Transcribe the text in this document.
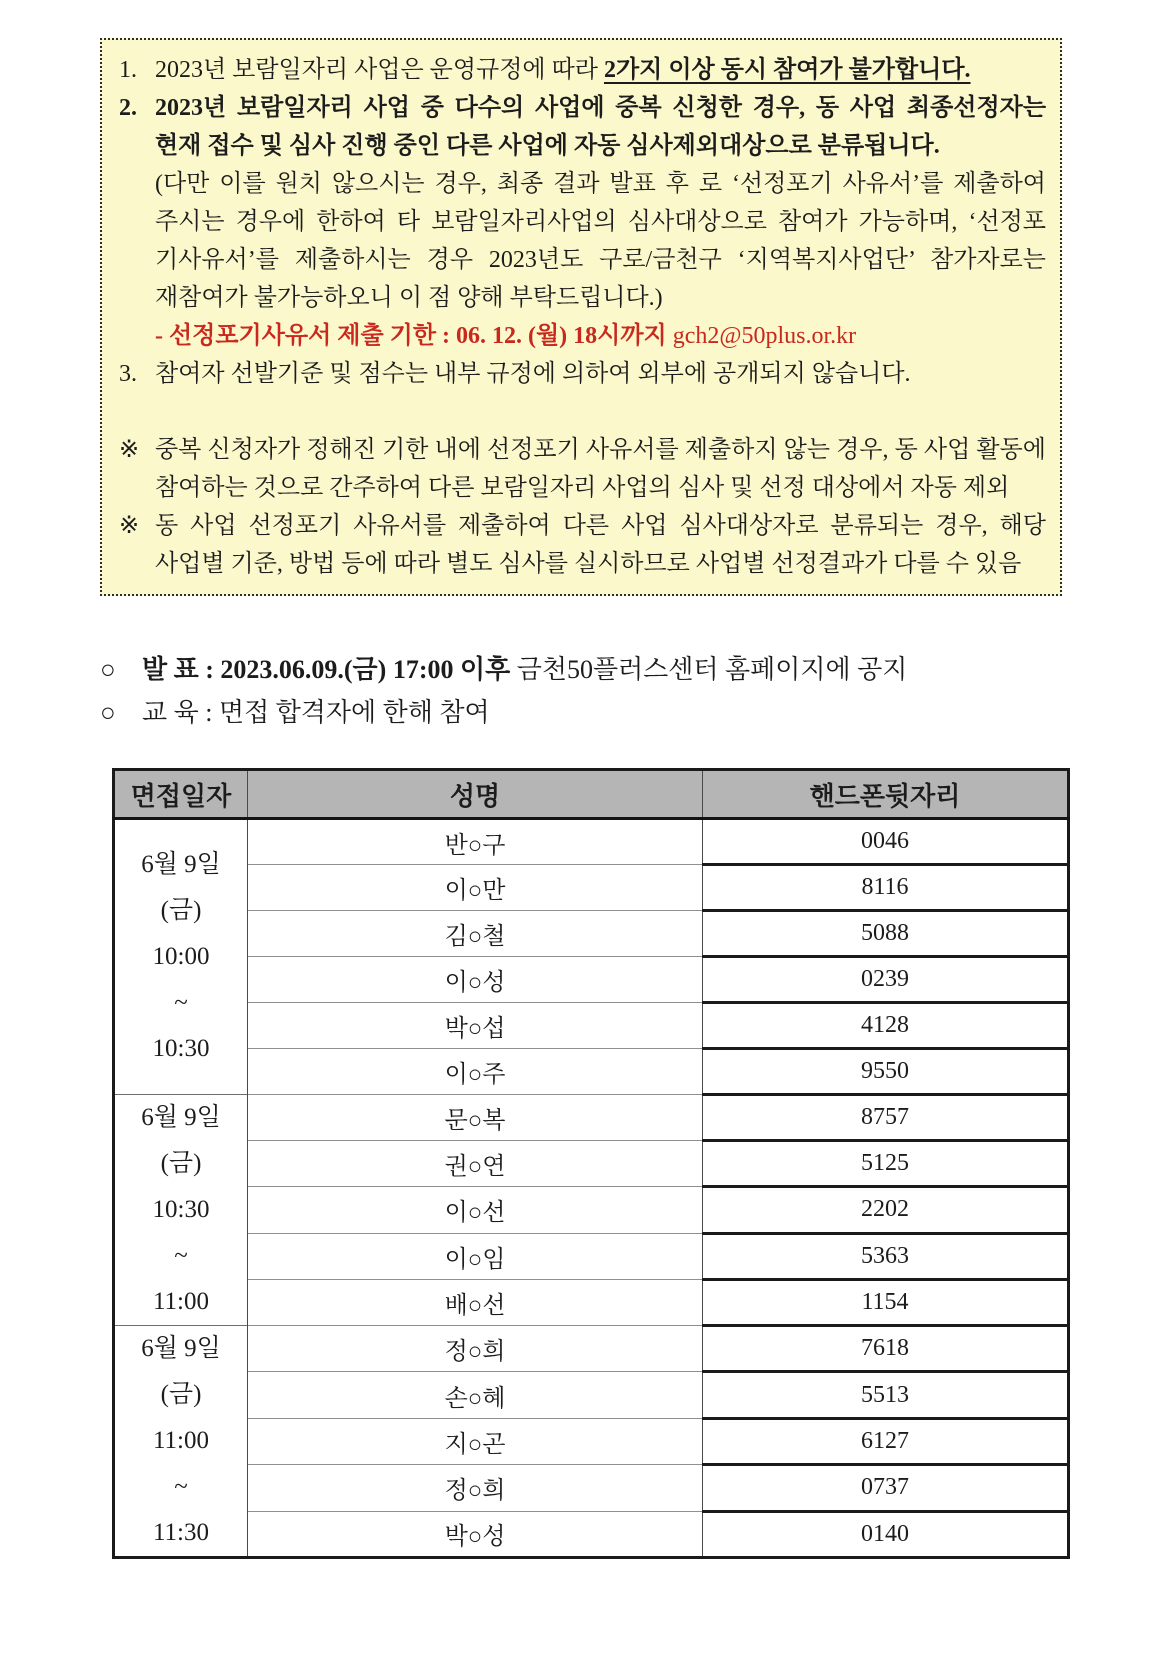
1. 2023년 보람일자리 사업은 운영규정에 따라 2가지 이상 동시 참여가 불가합니다.
2. 2023년 보람일자리 사업 중 다수의 사업에 중복 신청한 경우, 동 사업 최종선정자는
현재 접수 및 심사 진행 중인 다른 사업에 자동 심사제외대상으로 분류됩니다.
(다만 이를 원치 않으시는 경우, 최종 결과 발표 후 로 ‘선정포기 사유서’를 제출하여
주시는 경우에 한하여 타 보람일자리사업의 심사대상으로 참여가 가능하며, ‘선정포
기사유서’를 제출하시는 경우 2023년도 구로/금천구 ‘지역복지사업단’ 참가자로는
재참여가 불가능하오니 이 점 양해 부탁드립니다.)
- 선정포기사유서 제출 기한 : 06. 12. (월) 18시까지 gch2@50plus.or.kr
3. 참여자 선발기준 및 점수는 내부 규정에 의하여 외부에 공개되지 않습니다.
※ 중복 신청자가 정해진 기한 내에 선정포기 사유서를 제출하지 않는 경우, 동 사업 활동에
참여하는 것으로 간주하여 다른 보람일자리 사업의 심사 및 선정 대상에서 자동 제외
※ 동 사업 선정포기 사유서를 제출하여 다른 사업 심사대상자로 분류되는 경우, 해당
사업별 기준, 방법 등에 따라 별도 심사를 실시하므로 사업별 선정결과가 다를 수 있음
○	발 표 : 2023.06.09.(금) 17:00 이후 금천50플러스센터 홈페이지에 공지
○	교 육 : 면접 합격자에 한해 참여
면접일자	성명	핸드폰뒷자리

6월 9일
(금)
10:00
~
10:30	반○구	0046
	이○만	8116
	김○철	5088
	이○성	0239
	박○섭	4128
	이○주	9550

6월 9일
(금)
10:30
~
11:00	문○복	8757
	권○연	5125
	이○선	2202
	이○임	5363
	배○선	1154

6월 9일
(금)
11:00
~
11:30	정○희	7618
	손○혜	5513
	지○곤	6127
	정○희	0737
	박○성	0140
